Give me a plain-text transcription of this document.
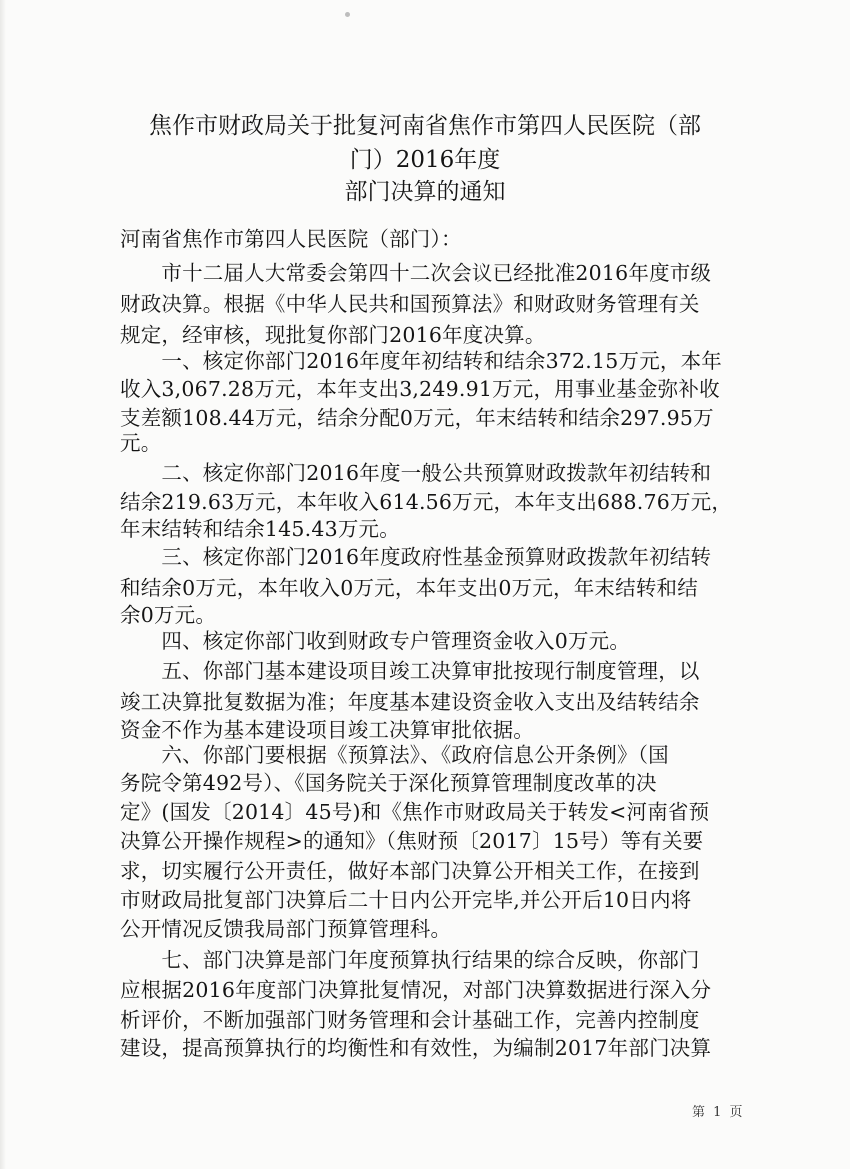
焦作市财政局关于批复河南省焦作市第四人民医院（部
门）2016年度
部门决算的通知
河南省焦作市第四人民医院（部门）：
　　市十二届人大常委会第四十二次会议已经批准2016年度市级
财政决算。根据《中华人民共和国预算法》和财政财务管理有关
规定，经审核，现批复你部门2016年度决算。
　　一、核定你部门2016年度年初结转和结余372.15万元，本年
收入3,067.28万元，本年支出3,249.91万元，用事业基金弥补收
支差额108.44万元，结余分配0万元，年末结转和结余297.95万
元。
　　二、核定你部门2016年度一般公共预算财政拨款年初结转和
结余219.63万元，本年收入614.56万元，本年支出688.76万元，
年末结转和结余145.43万元。
　　三、核定你部门2016年度政府性基金预算财政拨款年初结转
和结余0万元，本年收入0万元，本年支出0万元，年末结转和结
余0万元。
　　四、核定你部门收到财政专户管理资金收入0万元。
　　五、你部门基本建设项目竣工决算审批按现行制度管理，以
竣工决算批复数据为准；年度基本建设资金收入支出及结转结余
资金不作为基本建设项目竣工决算审批依据。
　　六、你部门要根据《预算法》、《政府信息公开条例》（国
务院令第492号）、《国务院关于深化预算管理制度改革的决
定》(国发〔2014〕45号)和《焦作市财政局关于转发<河南省预
决算公开操作规程>的通知》（焦财预〔2017〕15号）等有关要
求，切实履行公开责任，做好本部门决算公开相关工作，在接到
市财政局批复部门决算后二十日内公开完毕,并公开后10日内将
公开情况反馈我局部门预算管理科。
　　七、部门决算是部门年度预算执行结果的综合反映，你部门
应根据2016年度部门决算批复情况，对部门决算数据进行深入分
析评价，不断加强部门财务管理和会计基础工作，完善内控制度
建设，提高预算执行的均衡性和有效性，为编制2017年部门决算
第 1 页
